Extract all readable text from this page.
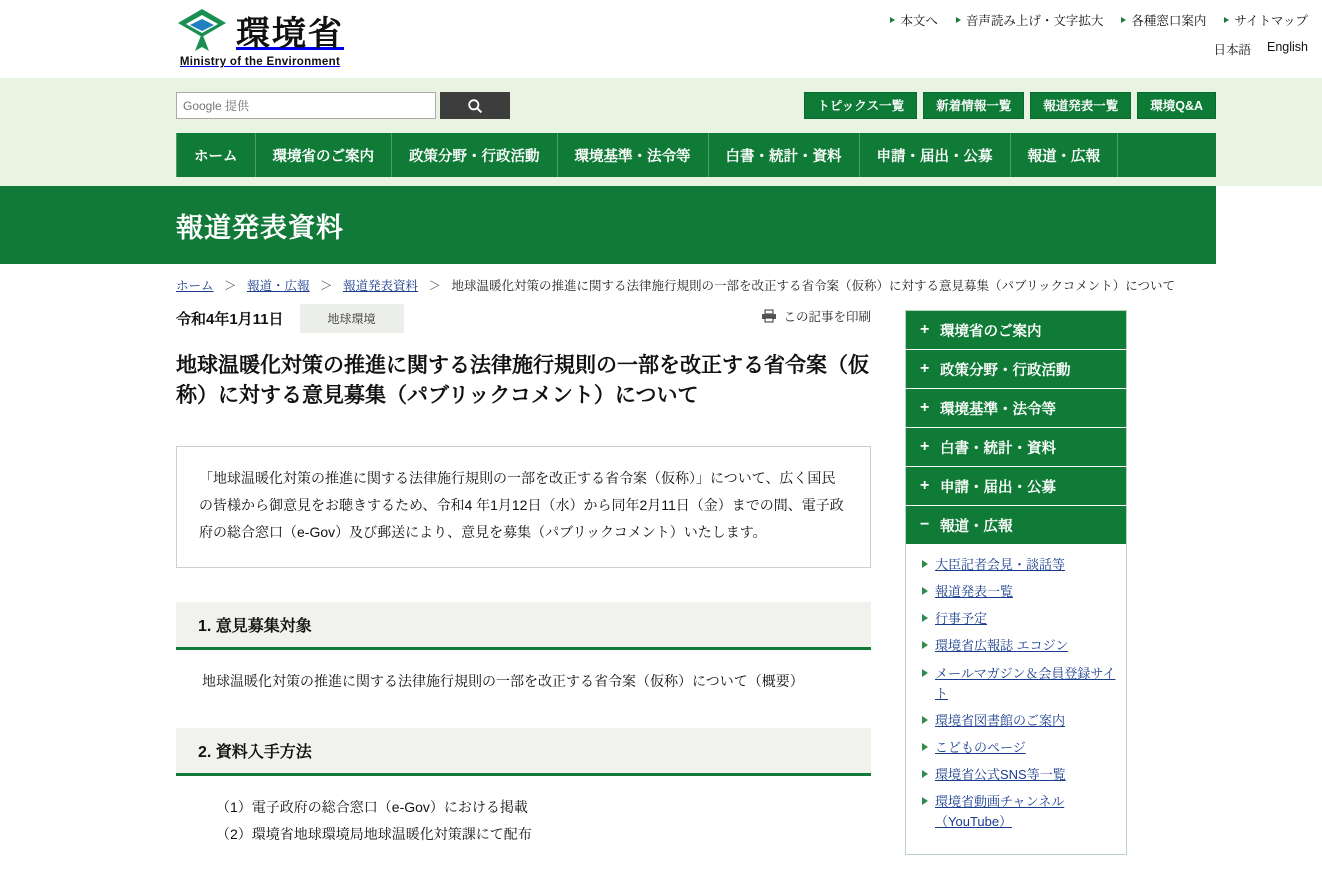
環境省
Ministry of the Environment
本文へ 音声読み上げ・文字拡大 各種窓口案内 サイトマップ
日本語 English
Google 提供
トピックス一覧	新着情報一覧	報道発表一覧	環境Q&A
ホーム	環境省のご案内	政策分野・行政活動	環境基準・法令等	白書・統計・資料	申請・届出・公募	報道・広報
報道発表資料
ホーム ＞ 報道・広報 ＞ 報道発表資料 ＞ 地球温暖化対策の推進に関する法律施行規則の一部を改正する省令案（仮称）に対する意見募集（パブリックコメント）について
令和4年1月11日	地球環境	この記事を印刷
地球温暖化対策の推進に関する法律施行規則の一部を改正する省令案（仮称）に対する意見募集（パブリックコメント）について
「地球温暖化対策の推進に関する法律施行規則の一部を改正する省令案（仮称）」について、広く国民の皆様から御意見をお聴きするため、令和4 年1月12日（水）から同年2月11日（金）までの間、電子政府の総合窓口（e-Gov）及び郵送により、意見を募集（パブリックコメント）いたします。
1. 意見募集対象

地球温暖化対策の推進に関する法律施行規則の一部を改正する省令案（仮称）について（概要）

2. 資料入手方法

（1）電子政府の総合窓口（e-Gov）における掲載

（2）環境省地球環境局地球温暖化対策課にて配布

+ 環境省のご案内
+ 政策分野・行政活動
+ 環境基準・法令等
+ 白書・統計・資料
+ 申請・届出・公募
− 報道・広報
大臣記者会見・談話等
報道発表一覧
行事予定
環境省広報誌 エコジン
メールマガジン＆会員登録サイト
環境省図書館のご案内
こどものページ
環境省公式SNS等一覧
環境省動画チャンネル（YouTube）
